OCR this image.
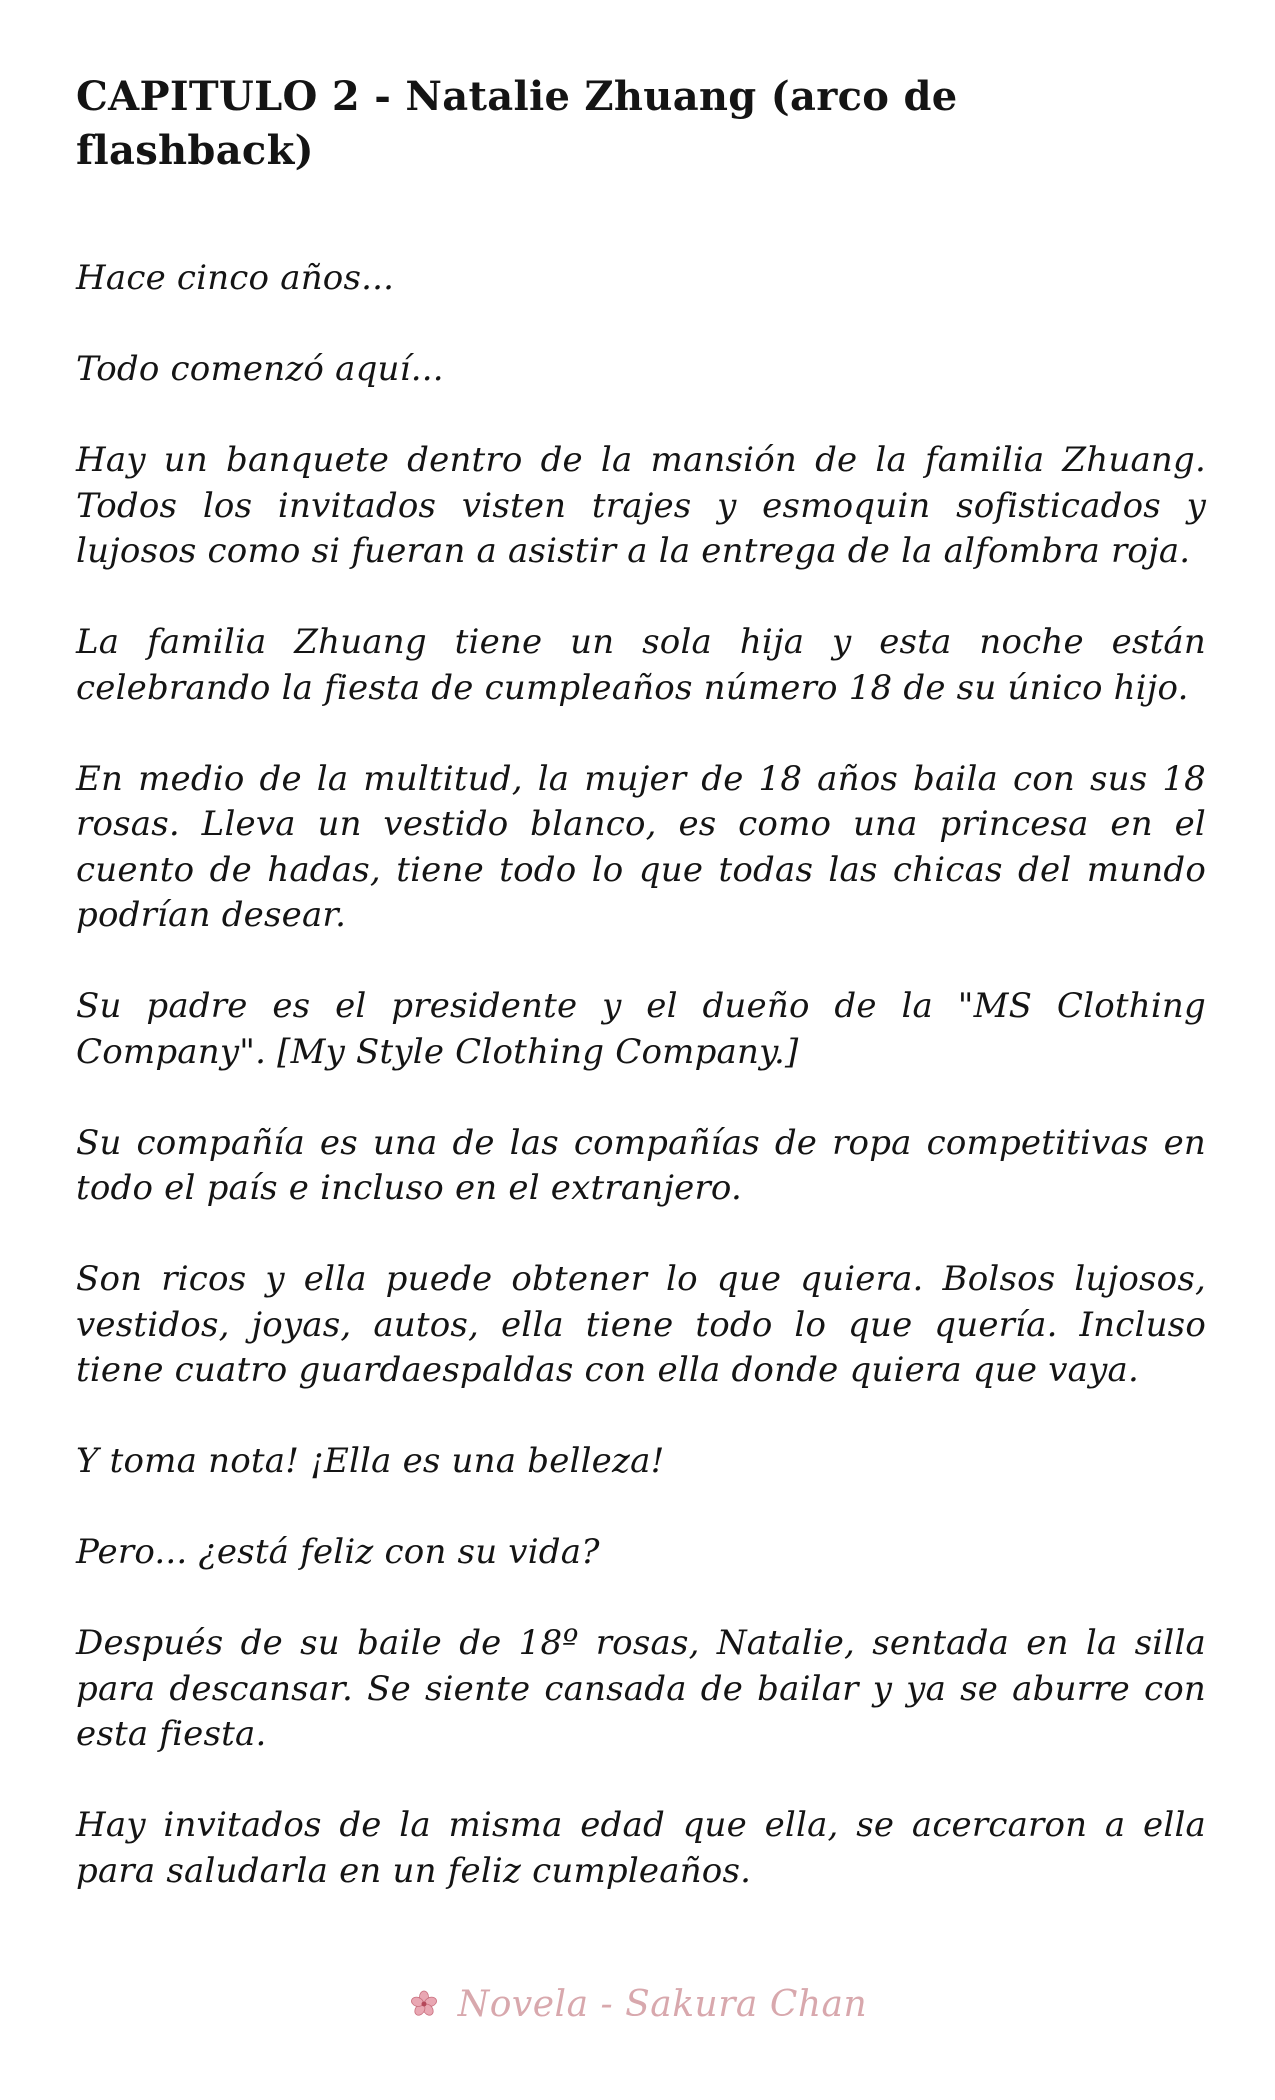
CAPITULO 2 - Natalie Zhuang (arco de flashback)

Hace cinco años...

Todo comenzó aquí...

Hay un banquete dentro de la mansión de la familia Zhuang. Todos los invitados visten trajes y esmoquin sofisticados y lujosos como si fueran a asistir a la entrega de la alfombra roja.

La familia Zhuang tiene un sola hija y esta noche están celebrando la fiesta de cumpleaños número 18 de su único hijo.

En medio de la multitud, la mujer de 18 años baila con sus 18 rosas. Lleva un vestido blanco, es como una princesa en el cuento de hadas, tiene todo lo que todas las chicas del mundo podrían desear.

Su padre es el presidente y el dueño de la "MS Clothing Company". [My Style Clothing Company.]

Su compañía es una de las compañías de ropa competitivas en todo el país e incluso en el extranjero.

Son ricos y ella puede obtener lo que quiera. Bolsos lujosos, vestidos, joyas, autos, ella tiene todo lo que quería. Incluso tiene cuatro guardaespaldas con ella donde quiera que vaya.

Y toma nota! ¡Ella es una belleza!

Pero... ¿está feliz con su vida?

Después de su baile de 18º rosas, Natalie, sentada en la silla para descansar. Se siente cansada de bailar y ya se aburre con esta fiesta.

Hay invitados de la misma edad que ella, se acercaron a ella para saludarla en un feliz cumpleaños.

Novela - Sakura Chan
